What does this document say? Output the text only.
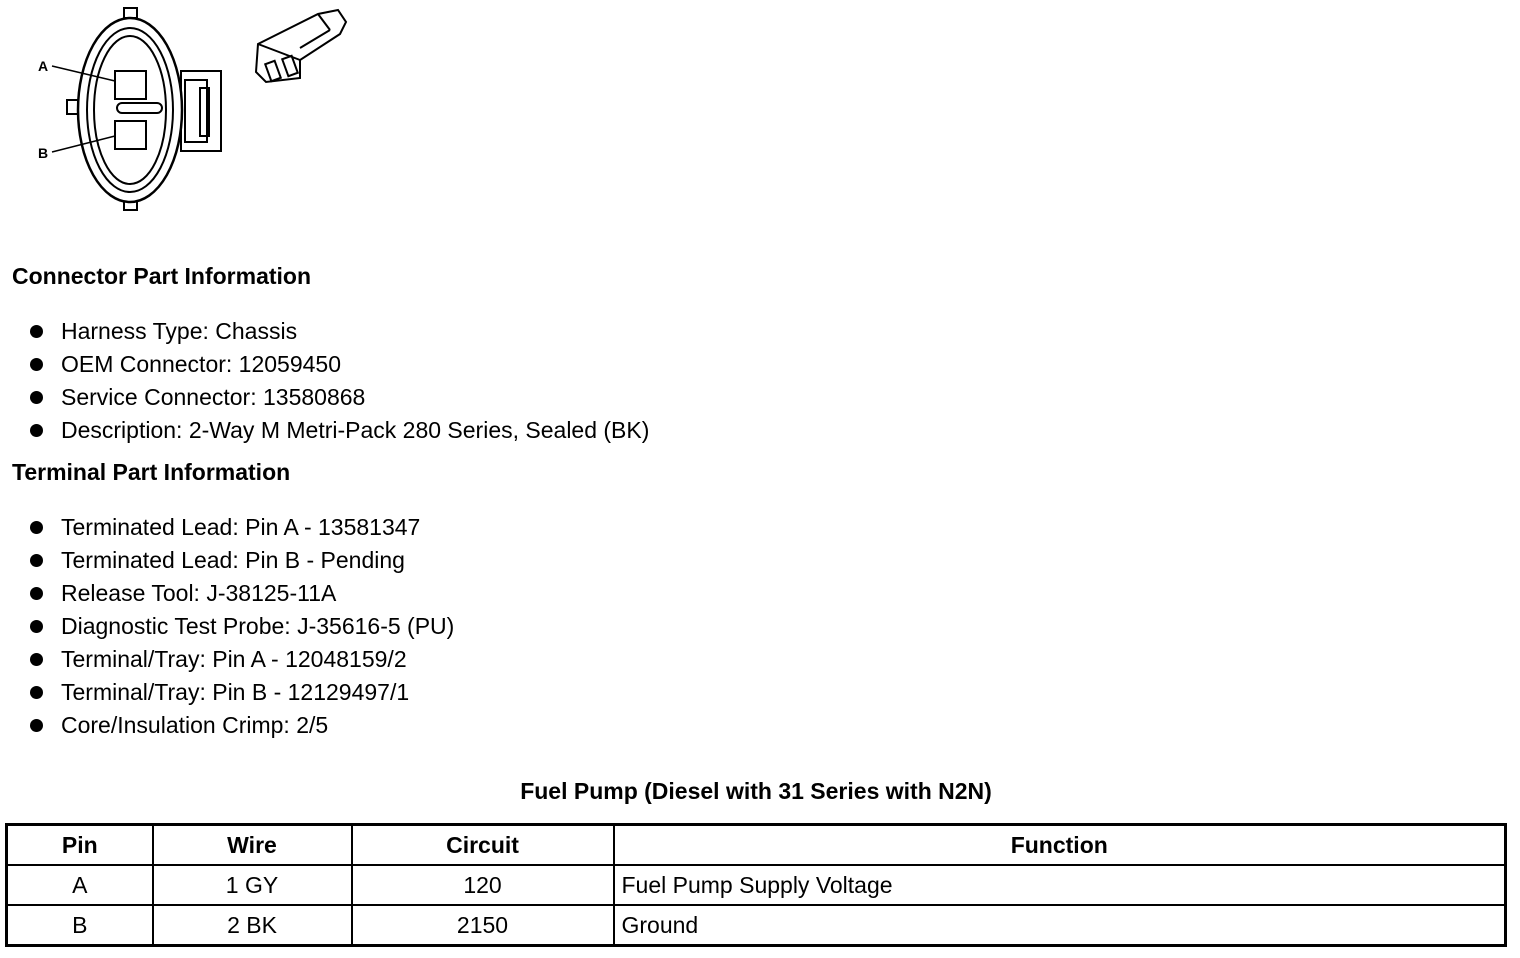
A
B
Connector Part Information
Harness Type: Chassis
OEM Connector: 12059450
Service Connector: 13580868
Description: 2-Way M Metri-Pack 280 Series, Sealed (BK)
Terminal Part Information
Terminated Lead: Pin A - 13581347
Terminated Lead: Pin B - Pending
Release Tool: J-38125-11A
Diagnostic Test Probe: J-35616-5 (PU)
Terminal/Tray: Pin A - 12048159/2
Terminal/Tray: Pin B - 12129497/1
Core/Insulation Crimp: 2/5
Fuel Pump (Diesel with 31 Series with N2N)
Pin	Wire	Circuit	Function
A	1 GY	120	Fuel Pump Supply Voltage
B	2 BK	2150	Ground
